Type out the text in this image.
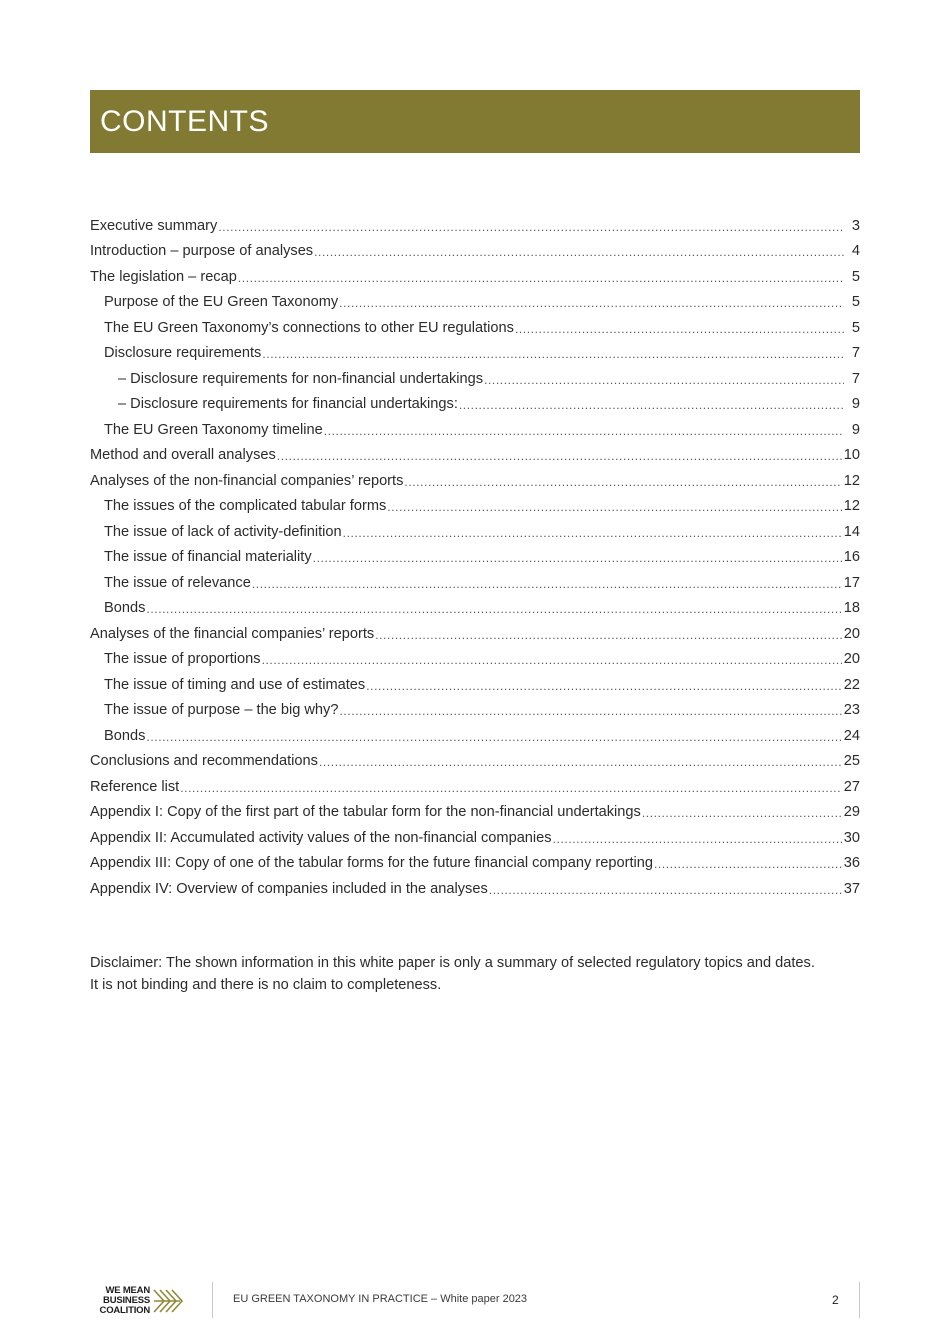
CONTENTS
Executive summary .....	3
Introduction – purpose of analyses .....	4
The legislation – recap .....	5
Purpose of the EU Green Taxonomy .....	5
The EU Green Taxonomy’s connections to other EU regulations .....	5
Disclosure requirements .....	7
– Disclosure requirements for non-financial undertakings .....	7
– Disclosure requirements for financial undertakings: .....	9
The EU Green Taxonomy timeline .....	9
Method and overall analyses .....	10
Analyses of the non-financial companies’ reports .....	12
The issues of the complicated tabular forms .....	12
The issue of lack of activity-definition .....	14
The issue of financial materiality .....	16
The issue of relevance .....	17
Bonds .....	18
Analyses of the financial companies’ reports .....	20
The issue of proportions .....	20
The issue of timing and use of estimates .....	22
The issue of purpose – the big why? .....	23
Bonds .....	24
Conclusions and recommendations .....	25
Reference list .....	27
Appendix I: Copy of the first part of the tabular form for the non-financial undertakings .....	29
Appendix II: Accumulated activity values of the non-financial companies .....	30
Appendix III: Copy of one of the tabular forms for the future financial company reporting .....	36
Appendix IV: Overview of companies included in the analyses .....	37

Disclaimer: The shown information in this white paper is only a summary of selected regulatory topics and dates.

It is not binding and there is no claim to completeness.

WE MEAN
BUSINESS
COALITION
EU GREEN TAXONOMY IN PRACTICE – White paper 2023	2
